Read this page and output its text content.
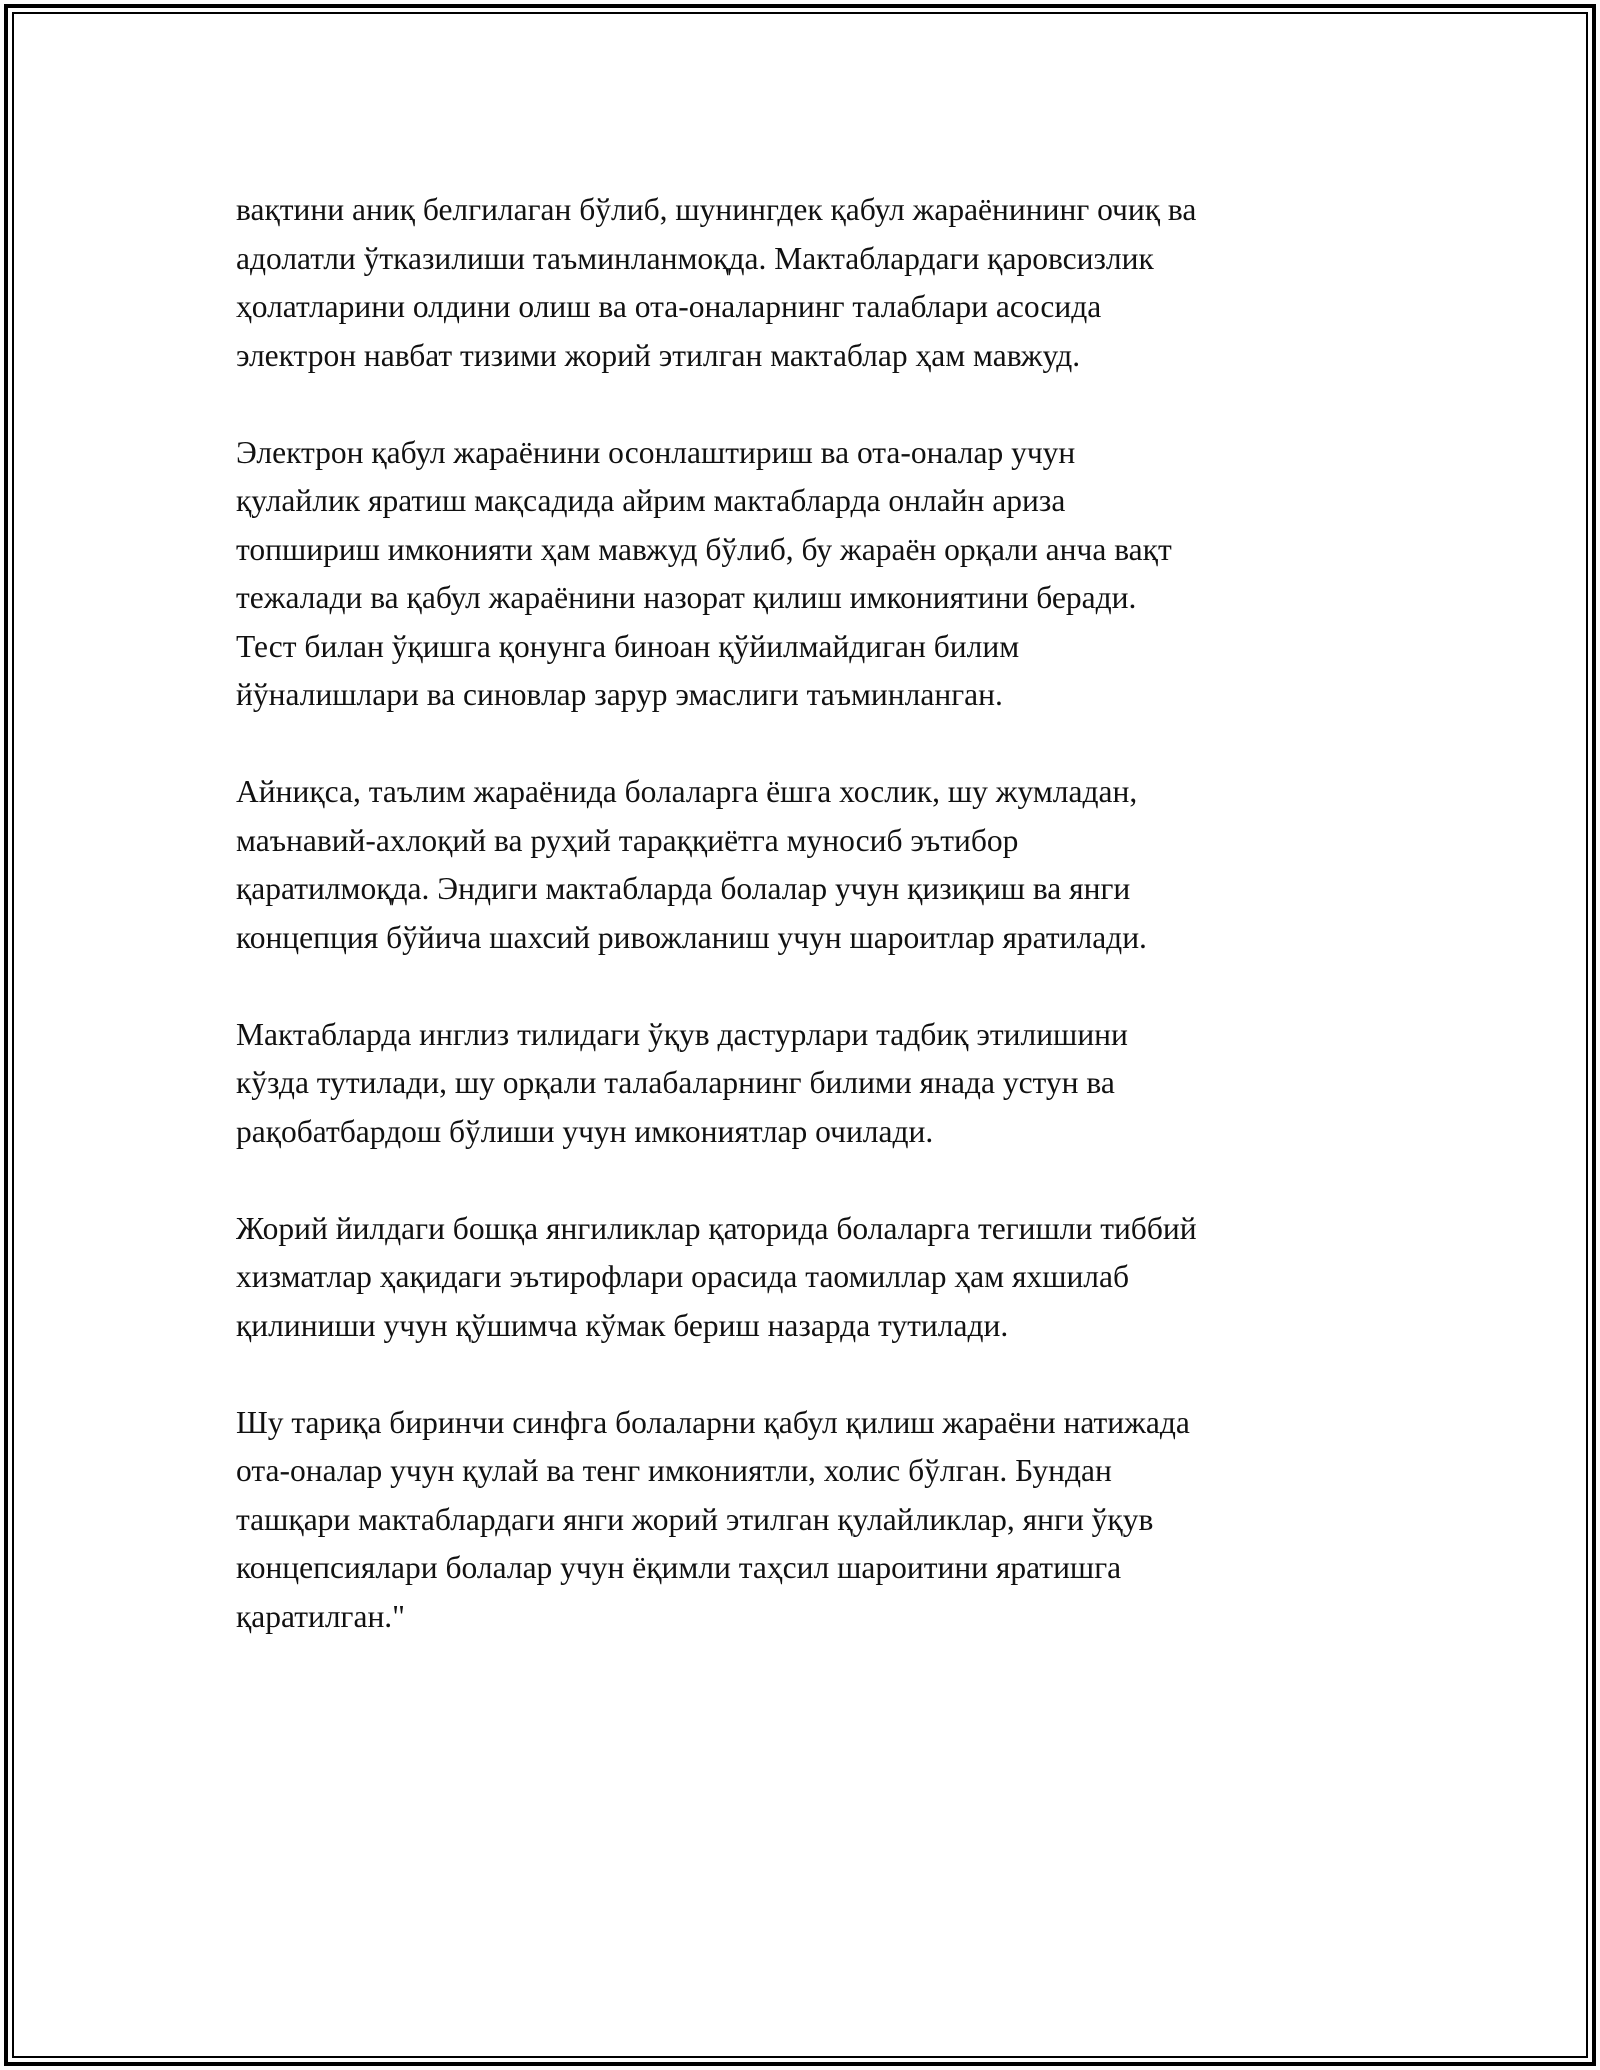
вақтини аниқ белгилаган бўлиб, шунингдек қабул жараёнининг очиқ ва
адолатли ўтказилиши таъминланмоқда. Мактаблардаги қаровсизлик
ҳолатларини олдини олиш ва ота-оналарнинг талаблари асосида
электрон навбат тизими жорий этилган мактаблар ҳам мавжуд.

Электрон қабул жараёнини осонлаштириш ва ота-оналар учун
қулайлик яратиш мақсадида айрим мактабларда онлайн ариза
топшириш имконияти ҳам мавжуд бўлиб, бу жараён орқали анча вақт
тежалади ва қабул жараёнини назорат қилиш имкониятини беради.
Тест билан ўқишга қонунга биноан қўйилмайдиган билим
йўналишлари ва синовлар зарур эмаслиги таъминланган.

Айниқса, таълим жараёнида болаларга ёшга хослик, шу жумладан,
маънавий-ахлоқий ва руҳий тараққиётга муносиб эътибор
қаратилмоқда. Эндиги мактабларда болалар учун қизиқиш ва янги
концепция бўйича шахсий ривожланиш учун шароитлар яратилади.

Мактабларда инглиз тилидаги ўқув дастурлари тадбиқ этилишини
кўзда тутилади, шу орқали талабаларнинг билими янада устун ва
рақобатбардош бўлиши учун имкониятлар очилади.

Жорий йилдаги бошқа янгиликлар қаторида болаларга тегишли тиббий
хизматлар ҳақидаги эътирофлари орасида таомиллар ҳам яхшилаб
қилиниши учун қўшимча кўмак бериш назарда тутилади.

Шу тариқа биринчи синфга болаларни қабул қилиш жараёни натижада
ота-оналар учун қулай ва тенг имкониятли, холис бўлган. Бундан
ташқари мактаблардаги янги жорий этилган қулайликлар, янги ўқув
концепсиялари болалар учун ёқимли таҳсил шароитини яратишга
қаратилган."
